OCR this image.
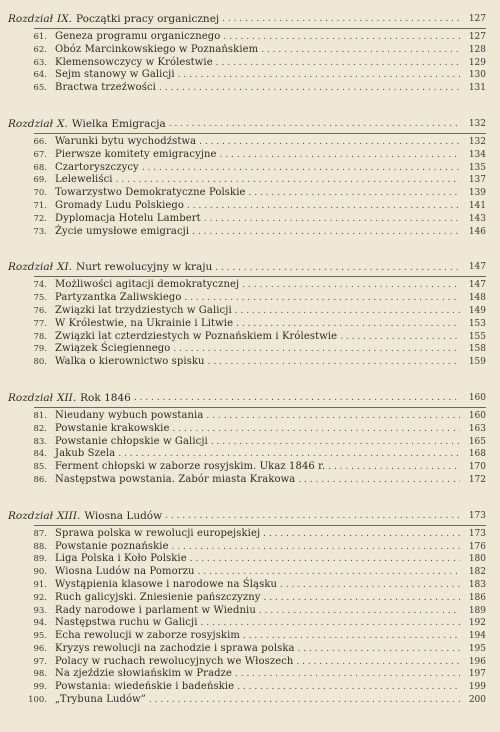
Rozdział IX. Początki pracy organicznej . . .	127
61. Geneza programu organicznego . . .	127
62. Obóz Marcinkowskiego w Poznańskiem . . .	128
63. Klemensowczycy w Królestwie . . .	129
64. Sejm stanowy w Galicji . . .	130
65. Bractwa trzeźwości . . .	131
Rozdział X. Wielka Emigracja . . .	132
66. Warunki bytu wychodźstwa . . .	132
67. Pierwsze komitety emigracyjne . . .	134
68. Czartoryszczycy . . .	135
69. Leleweliści . . .	137
70. Towarzystwo Demokratyczne Polskie . . .	139
71. Gromady Ludu Polskiego . . .	141
72. Dyplomacja Hotelu Lambert . . .	143
73. Życie umysłowe emigracji . . .	146
Rozdział XI. Nurt rewolucyjny w kraju . . .	147
74. Możliwości agitacji demokratycznej . . .	147
75. Partyzantka Zaliwskiego . . .	148
76. Związki lat trzydziestych w Galicji . . .	149
77. W Królestwie, na Ukrainie i Litwie . . .	153
78. Związki lat czterdziestych w Poznańskiem i Królestwie . . .	155
79. Związek Ściegiennego . . .	158
80. Walka o kierownictwo spisku . . .	159
Rozdział XII. Rok 1846 . . .	160
81. Nieudany wybuch powstania . . .	160
82. Powstanie krakowskie . . .	163
83. Powstanie chłopskie w Galicji . . .	165
84. Jakub Szela . . .	168
85. Ferment chłopski w zaborze rosyjskim. Ukaz 1846 r. . . .	170
86. Następstwa powstania. Zabór miasta Krakowa . . .	172
Rozdział XIII. Wiosna Ludów . . .	173
87. Sprawa polska w rewolucji europejskiej . . .	173
88. Powstanie poznańskie . . .	176
89. Liga Polska i Koło Polskie . . .	180
90. Wiosna Ludów na Pomorzu . . .	182
91. Wystąpienia klasowe i narodowe na Śląsku . . .	183
92. Ruch galicyjski. Zniesienie pańszczyzny . . .	186
93. Rady narodowe i parlament w Wiedniu . . .	189
94. Następstwa ruchu w Galicji . . .	192
95. Echa rewolucji w zaborze rosyjskim . . .	194
96. Kryzys rewolucji na zachodzie i sprawa polska . . .	195
97. Polacy w ruchach rewolucyjnych we Włoszech . . .	196
98. Na zjeździe słowiańskim w Pradze . . .	197
99. Powstania: wiedeńskie i badeńskie . . .	199
100. „Trybuna Ludów” . . .	200
